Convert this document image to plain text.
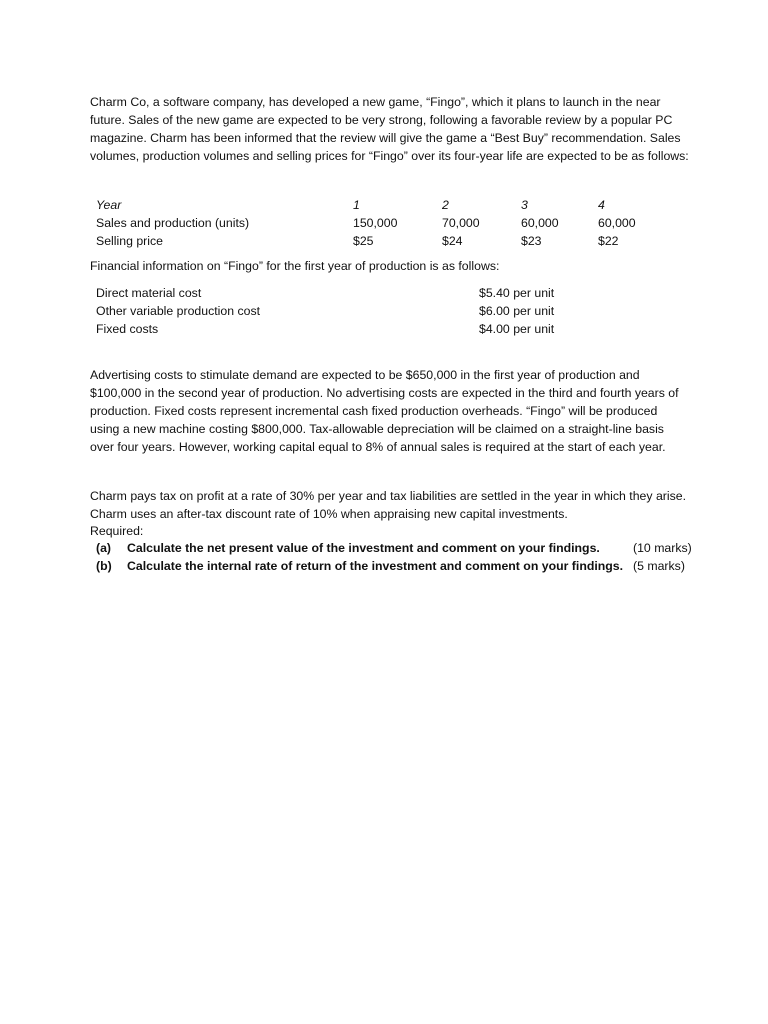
Charm Co, a software company, has developed a new game, “Fingo”, which it plans to launch in the near future. Sales of the new game are expected to be very strong, following a favorable review by a popular PC magazine. Charm has been informed that the review will give the game a “Best Buy” recommendation. Sales volumes, production volumes and selling prices for “Fingo” over its four-year life are expected to be as follows:

Year	1	2	3	4
Sales and production (units)	150,000	70,000	60,000	60,000
Selling price	$25	$24	$23	$22

Financial information on “Fingo” for the first year of production is as follows:

Direct material cost	$5.40 per unit
Other variable production cost	$6.00 per unit
Fixed costs	$4.00 per unit

Advertising costs to stimulate demand are expected to be $650,000 in the first year of production and $100,000 in the second year of production. No advertising costs are expected in the third and fourth years of production. Fixed costs represent incremental cash fixed production overheads. “Fingo” will be produced using a new machine costing $800,000. Tax-allowable depreciation will be claimed on a straight-line basis over four years. However, working capital equal to 8% of annual sales is required at the start of each year.

Charm pays tax on profit at a rate of 30% per year and tax liabilities are settled in the year in which they arise. Charm uses an after-tax discount rate of 10% when appraising new capital investments.

Required:
(a) Calculate the net present value of the investment and comment on your findings.	(10 marks)
(b) Calculate the internal rate of return of the investment and comment on your findings. (5 marks)
